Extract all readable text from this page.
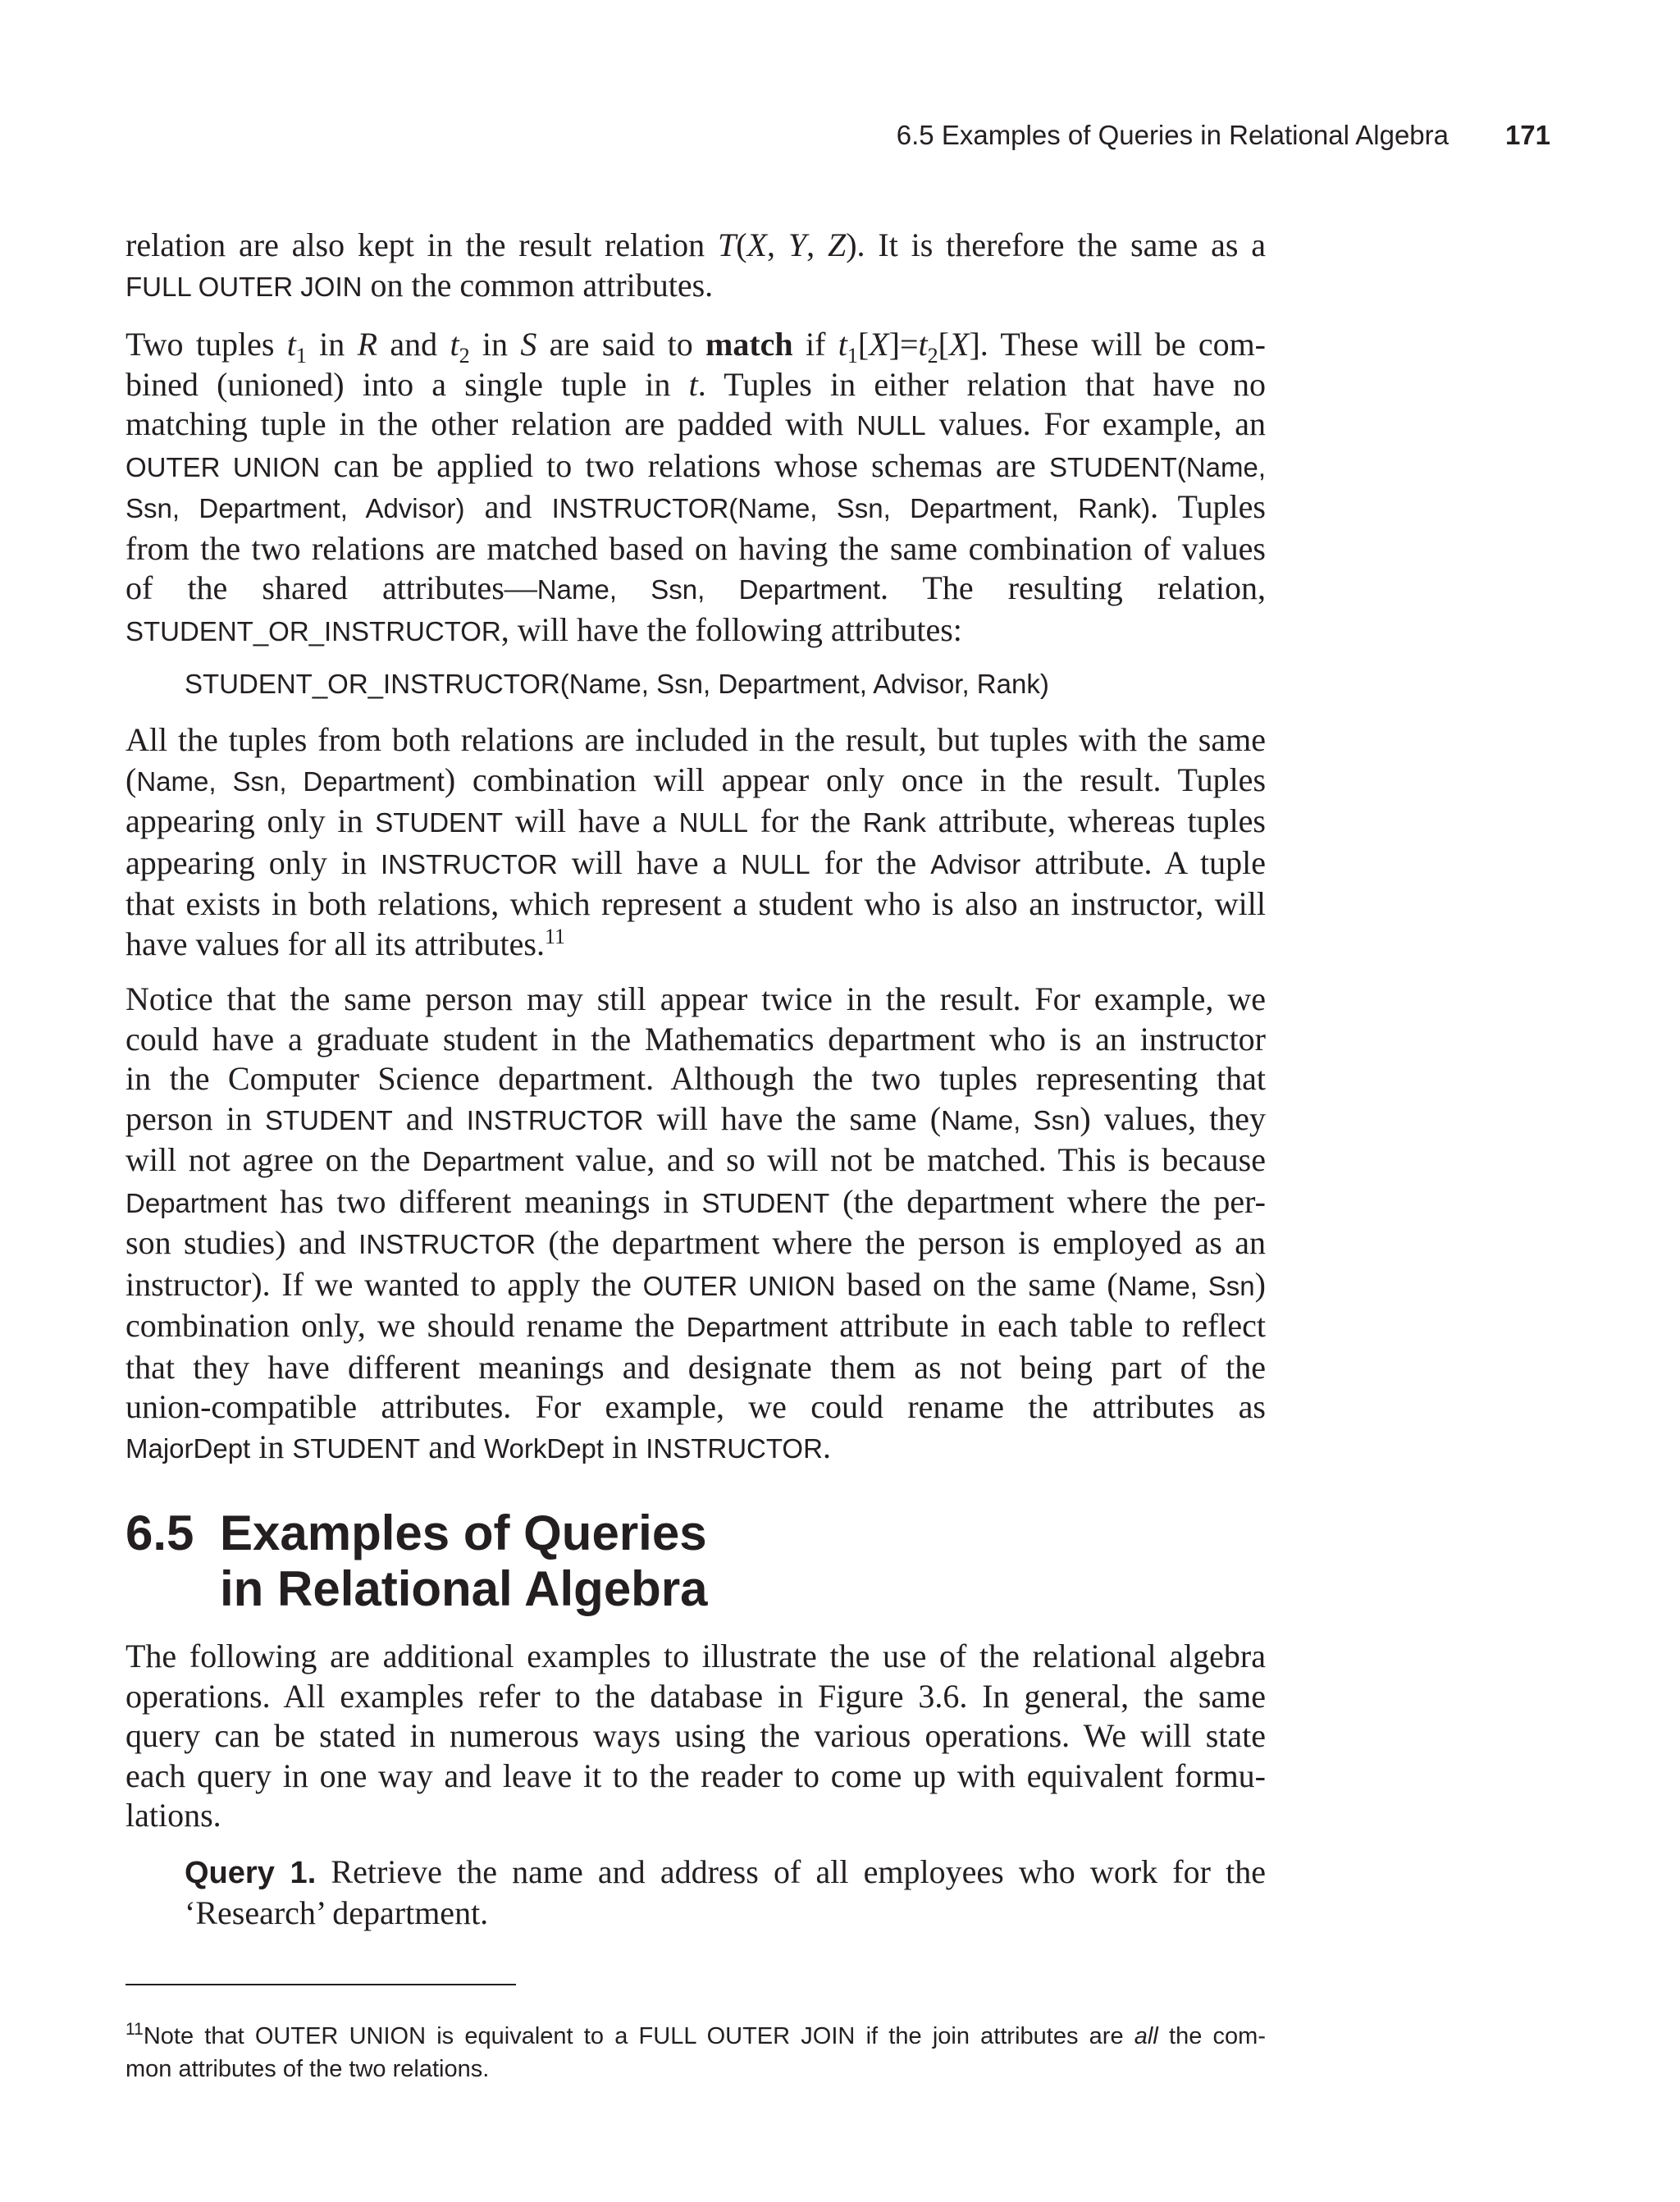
6.5 Examples of Queries in Relational Algebra 171

relation are also kept in the result relation T(X, Y, Z). It is therefore the same as a

FULL OUTER JOIN on the common attributes.

Two tuples $t_1$ in R and $t_2$ in S are said to match if $t_1[X]=t_2[X]$. These will be com-

bined (unioned) into a single tuple in t. Tuples in either relation that have no

matching tuple in the other relation are padded with NULL values. For example, an

OUTER UNION can be applied to two relations whose schemas are STUDENT(Name,

Ssn, Department, Advisor) and INSTRUCTOR(Name, Ssn, Department, Rank). Tuples

from the two relations are matched based on having the same combination of values

of the shared attributes—Name, Ssn, Department. The resulting relation,

STUDENT_OR_INSTRUCTOR, will have the following attributes:

STUDENT_OR_INSTRUCTOR(Name, Ssn, Department, Advisor, Rank)

All the tuples from both relations are included in the result, but tuples with the same

(Name, Ssn, Department) combination will appear only once in the result. Tuples

appearing only in STUDENT will have a NULL for the Rank attribute, whereas tuples

appearing only in INSTRUCTOR will have a NULL for the Advisor attribute. A tuple

that exists in both relations, which represent a student who is also an instructor, will

have values for all its attributes.$^{11}$

Notice that the same person may still appear twice in the result. For example, we

could have a graduate student in the Mathematics department who is an instructor

in the Computer Science department. Although the two tuples representing that

person in STUDENT and INSTRUCTOR will have the same (Name, Ssn) values, they

will not agree on the Department value, and so will not be matched. This is because

Department has two different meanings in STUDENT (the department where the per-

son studies) and INSTRUCTOR (the department where the person is employed as an

instructor). If we wanted to apply the OUTER UNION based on the same (Name, Ssn)

combination only, we should rename the Department attribute in each table to reflect

that they have different meanings and designate them as not being part of the

union-compatible attributes. For example, we could rename the attributes as

MajorDept in STUDENT and WorkDept in INSTRUCTOR.

6.5 Examples of Queries
in Relational Algebra

The following are additional examples to illustrate the use of the relational algebra

operations. All examples refer to the database in Figure 3.6. In general, the same

query can be stated in numerous ways using the various operations. We will state

each query in one way and leave it to the reader to come up with equivalent formu-

lations.

Query 1. Retrieve the name and address of all employees who work for the

‘Research’ department.

$^{11}$Note that OUTER UNION is equivalent to a FULL OUTER JOIN if the join attributes are all the com-

mon attributes of the two relations.
